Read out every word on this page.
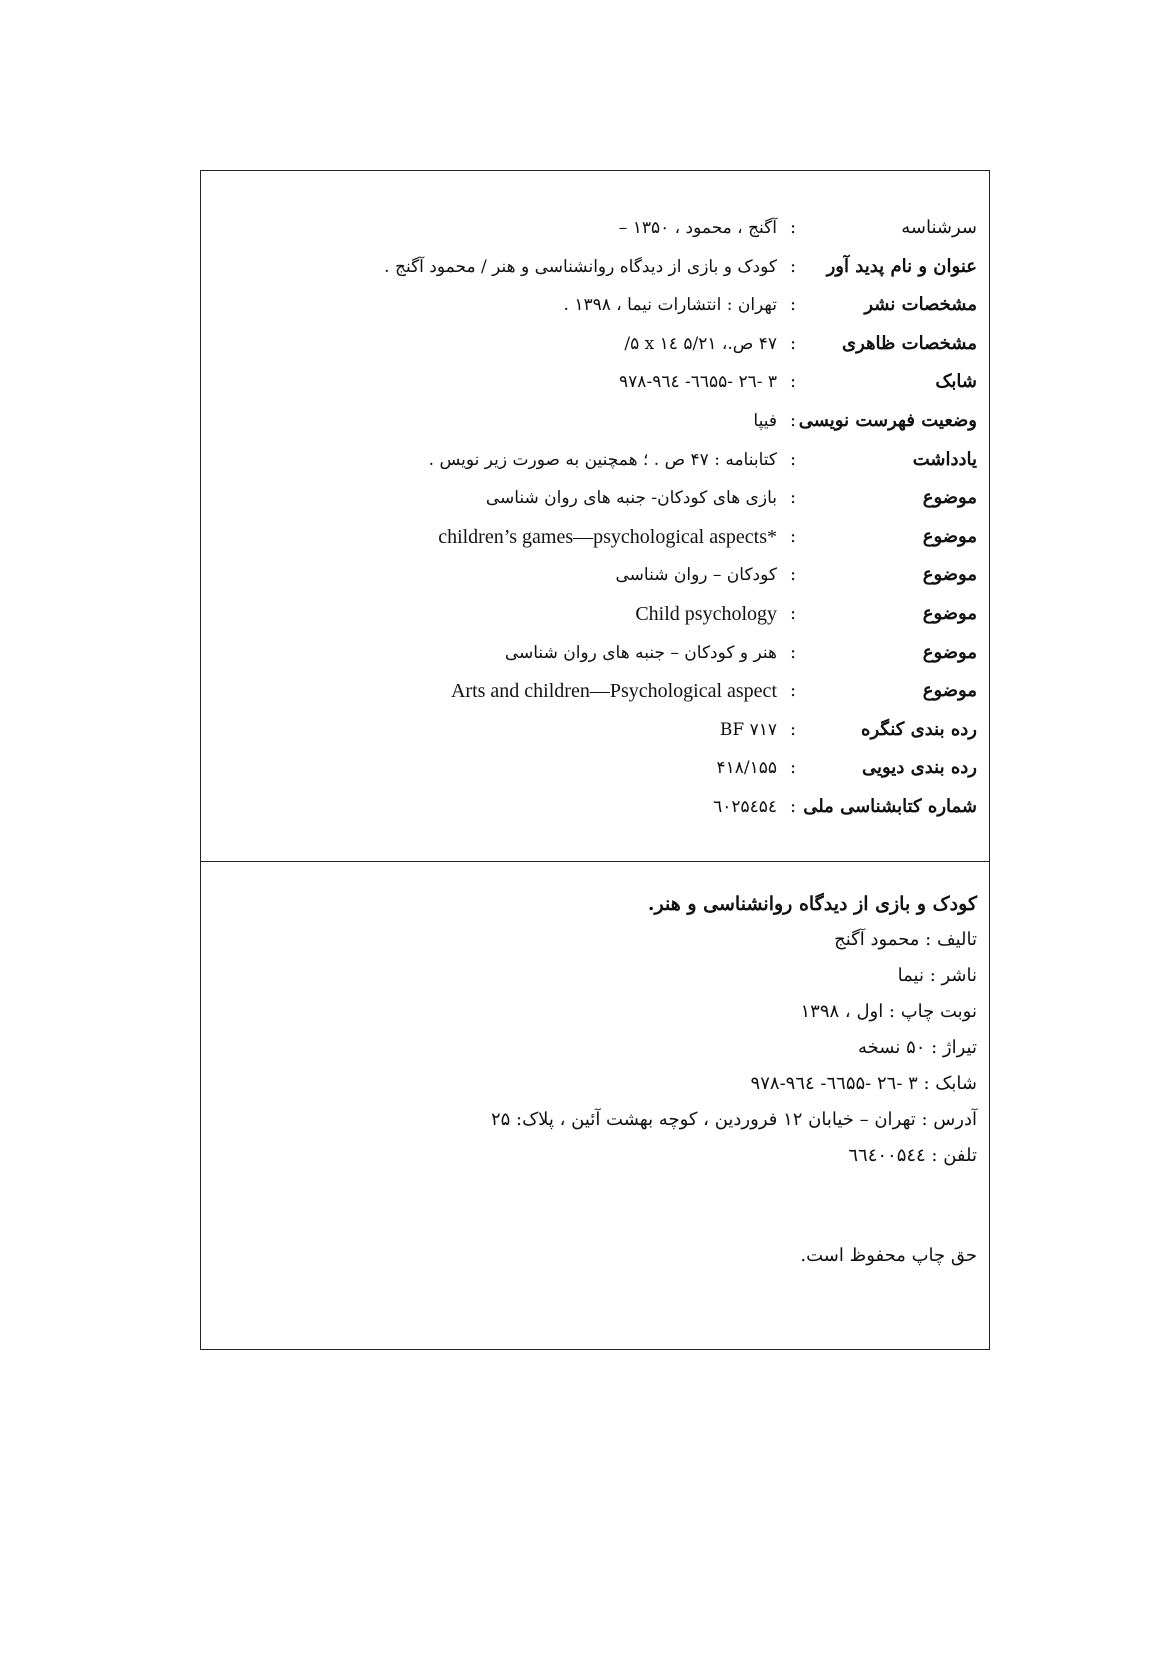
سرشناسه
:
آگنج ، محمود ، ۱۳۵۰ –
عنوان و نام پدید آور
:
کودک و بازی از دیدگاه روانشناسی و هنر / محمود آگنج .
مشخصات نشر
:
تهران : انتشارات نیما ، ۱۳۹۸ .
مشخصات ظاهری
:
۴۷ ص.، ۵/۲۱ x ۱٤ ۵/
شابک
:
۳ -۲٦ -٦٦۵۵- ۹٦٤-۹۷۸
وضعیت فهرست نویسی
:
فیپا
یادداشت
:
کتابنامه : ۴۷ ص . ؛ همچنین به صورت زیر نویس .
موضوع
:
بازی های کودکان- جنبه های روان شناسی
موضوع
:
children’s games—psychological aspects*
موضوع
:
کودکان – روان شناسی
موضوع
:
Child psychology
موضوع
:
هنر و کودکان – جنبه های روان شناسی
موضوع
:
Arts and children—Psychological aspect
رده بندی کنگره
:
۷۱۷ BF
رده بندی دیویی
:
۴۱۸/۱۵۵
شماره کتابشناسی ملی
:
٦۰۲۵٤۵٤
کودک و بازی از دیدگاه روانشناسی و هنر.
تالیف : محمود آگنج
ناشر : نیما
نوبت چاپ : اول ، ۱۳۹۸
تیراژ : ۵۰ نسخه
شابک : ۳ -۲٦ -٦٦۵۵- ۹٦٤-۹۷۸
آدرس : تهران – خیابان ۱۲ فروردین ، کوچه بهشت آئین ، پلاک: ۲۵
تلفن : ٦٦٤۰۰۵٤٤
حق چاپ محفوظ است.
